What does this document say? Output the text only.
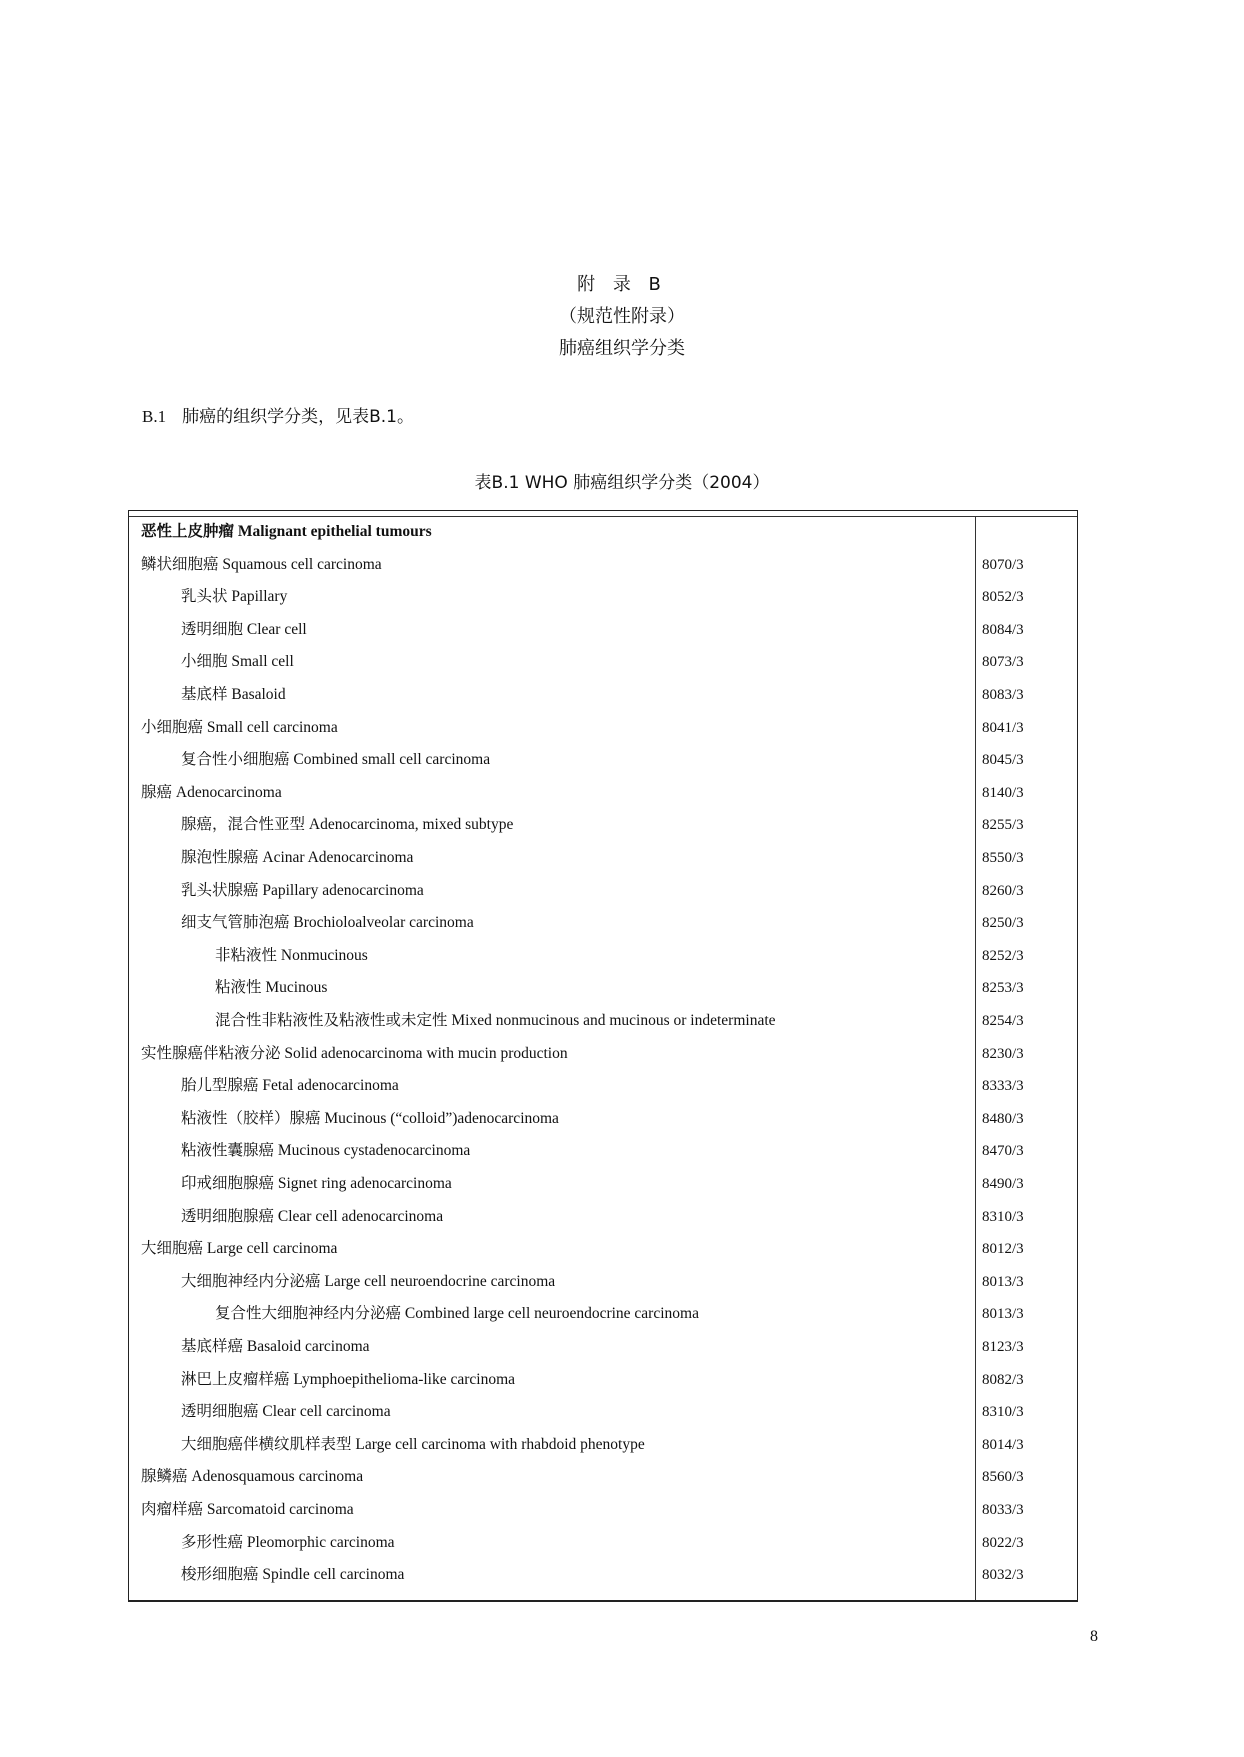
附 录 B
（规范性附录）
肺癌组织学分类
B.1 肺癌的组织学分类，见表B.1。
表B.1 WHO 肺癌组织学分类（2004）
恶性上皮肿瘤 Malignant epithelial tumours
鳞状细胞癌 Squamous cell carcinoma	8070/3
乳头状 Papillary	8052/3
透明细胞 Clear cell	8084/3
小细胞 Small cell	8073/3
基底样 Basaloid	8083/3
小细胞癌 Small cell carcinoma	8041/3
复合性小细胞癌 Combined small cell carcinoma	8045/3
腺癌 Adenocarcinoma	8140/3
腺癌，混合性亚型 Adenocarcinoma, mixed subtype	8255/3
腺泡性腺癌 Acinar Adenocarcinoma	8550/3
乳头状腺癌 Papillary adenocarcinoma	8260/3
细支气管肺泡癌 Brochioloalveolar carcinoma	8250/3
非粘液性 Nonmucinous	8252/3
粘液性 Mucinous	8253/3
混合性非粘液性及粘液性或未定性 Mixed nonmucinous and mucinous or indeterminate	8254/3
实性腺癌伴粘液分泌 Solid adenocarcinoma with mucin production	8230/3
胎儿型腺癌 Fetal adenocarcinoma	8333/3
粘液性（胶样）腺癌 Mucinous (“colloid”)adenocarcinoma	8480/3
粘液性囊腺癌 Mucinous cystadenocarcinoma	8470/3
印戒细胞腺癌 Signet ring adenocarcinoma	8490/3
透明细胞腺癌 Clear cell adenocarcinoma	8310/3
大细胞癌 Large cell carcinoma	8012/3
大细胞神经内分泌癌 Large cell neuroendocrine carcinoma	8013/3
复合性大细胞神经内分泌癌 Combined large cell neuroendocrine carcinoma	8013/3
基底样癌 Basaloid carcinoma	8123/3
淋巴上皮瘤样癌 Lymphoepithelioma-like carcinoma	8082/3
透明细胞癌 Clear cell carcinoma	8310/3
大细胞癌伴横纹肌样表型 Large cell carcinoma with rhabdoid phenotype	8014/3
腺鳞癌 Adenosquamous carcinoma	8560/3
肉瘤样癌 Sarcomatoid carcinoma	8033/3
多形性癌 Pleomorphic carcinoma	8022/3
梭形细胞癌 Spindle cell carcinoma	8032/3
8
